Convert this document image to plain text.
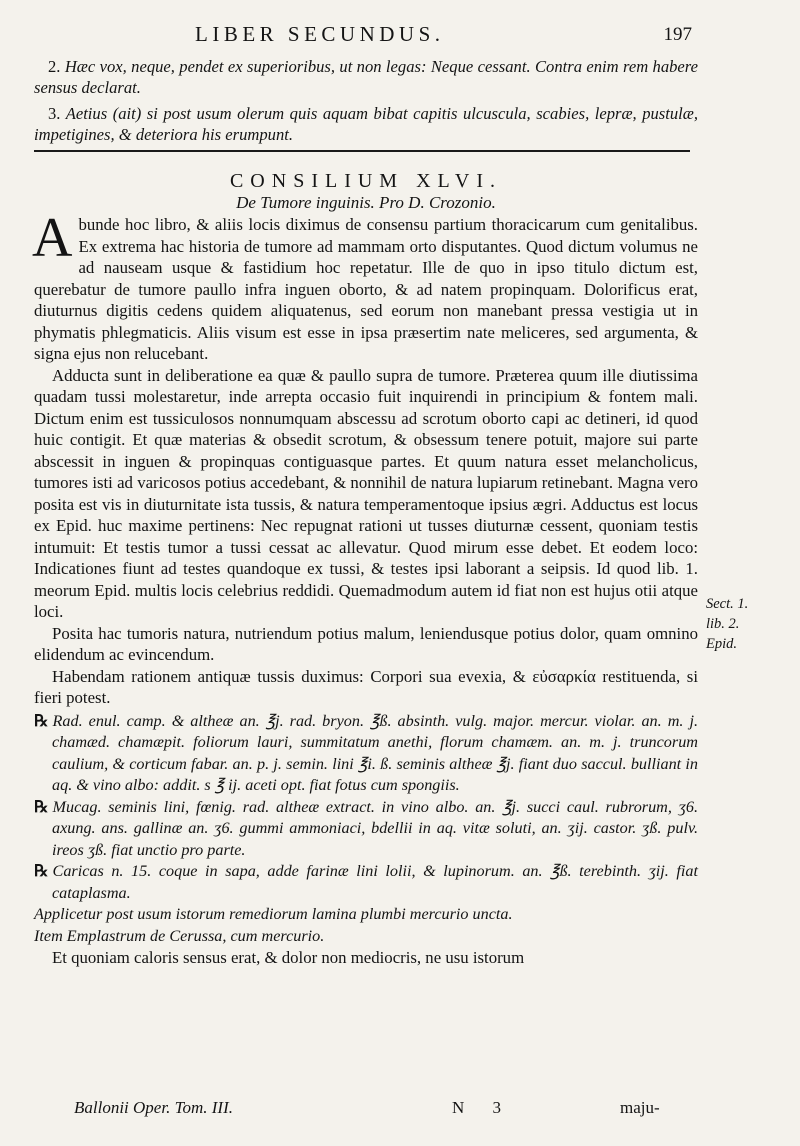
LIBER SECUNDUS.	197

2. Hæc vox, neque, pendet ex superioribus, ut non legas: Neque cessant. Contra enim rem habere sensus declarat.

3. Aetius (ait) si post usum olerum quis aquam bibat capitis ulcuscula, scabies, lepræ, pustulæ, impetigines, & deteriora his erumpunt.

CONSILIUM XLVI.
De Tumore inguinis. Pro D. Crozonio.

Abunde hoc libro, & aliis locis diximus de consensu partium thoracicarum cum genitalibus. Ex extrema hac historia de tumore ad mammam orto disputantes. Quod dictum volumus ne ad nauseam usque & fastidium hoc repetatur. Ille de quo in ipso titulo dictum est, querebatur de tumore paullo infra inguen oborto, & ad natem propinquam. Dolorificus erat, diuturnus digitis cedens quidem aliquatenus, sed eorum non manebant pressa vestigia ut in phymatis phlegmaticis. Aliis visum est esse in ipsa præsertim nate meliceres, sed argumenta, & signa ejus non relucebant.

Adducta sunt in deliberatione ea quæ & paullo supra de tumore. Præterea quum ille diutissima quadam tussi molestaretur, inde arrepta occasio fuit inquirendi in principium & fontem mali. Dictum enim est tussiculosos nonnumquam abscessu ad scrotum oborto capi ac detineri, id quod huic contigit. Et quæ materias & obsedit scrotum, & obsessum tenere potuit, majore sui parte abscessit in inguen & propinquas contiguasque partes. Et quum natura esset melancholicus, tumores isti ad varicosos potius accedebant, & nonnihil de natura lupiarum retinebant. Magna vero posita est vis in diuturnitate ista tussis, & natura temperamentoque ipsius ægri. Adductus est locus ex Epid. huc maxime pertinens: Nec repugnat rationi ut tusses diuturnæ cessent, quoniam testis intumuit: Et testis tumor a tussi cessat ac allevatur. Quod mirum esse debet. Et eodem loco: Indicationes fiunt ad testes quandoque ex tussi, & testes ipsi laborant a seipsis. Id quod lib. 1. meorum Epid. multis locis celebrius reddidi. Quemadmodum autem id fiat non est hujus otii atque loci.

Posita hac tumoris natura, nutriendum potius malum, leniendusque potius dolor, quam omnino elidendum ac evincendum.

Habendam rationem antiquæ tussis duximus: Corpori sua evexia, & εὐσαρκία restituenda, si fieri potest.

℞ Rad. enul. camp. & altheæ an. ℥j. rad. bryon. ℥ß. absinth. vulg. major. mercur. violar. an. m. j. chamæd. chamæpit. foliorum lauri, summitatum anethi, florum chamæm. an. m. j. truncorum caulium, & corticum fabar. an. p. j. semin. lini ℥i. ß. seminis altheæ ℥j. fiant duo saccul. bulliant in aq. & vino albo: addit. s ℥ ij. aceti opt. fiat fotus cum spongiis.

℞ Mucag. seminis lini, fœnig. rad. altheæ extract. in vino albo. an. ℥j. succi caul. rubrorum, ʒ6. axung. ans. gallinæ an. ʒ6. gummi ammoniaci, bdellii in aq. vitæ soluti, an. ʒij. castor. ʒß. pulv. ireos ʒß. fiat unctio pro parte.

℞ Caricas n. 15. coque in sapa, adde farinæ lini lolii, & lupinorum. an. ℥ß. terebinth. ʒij. fiat cataplasma.

Applicetur post usum istorum remediorum lamina plumbi mercurio uncta.

Item Emplastrum de Cerussa, cum mercurio.

Et quoniam caloris sensus erat, & dolor non mediocris, ne usu istorum

Sect. 1.
lib. 2.
Epid.
Ballonii Oper. Tom. III.	N 3	maju-
